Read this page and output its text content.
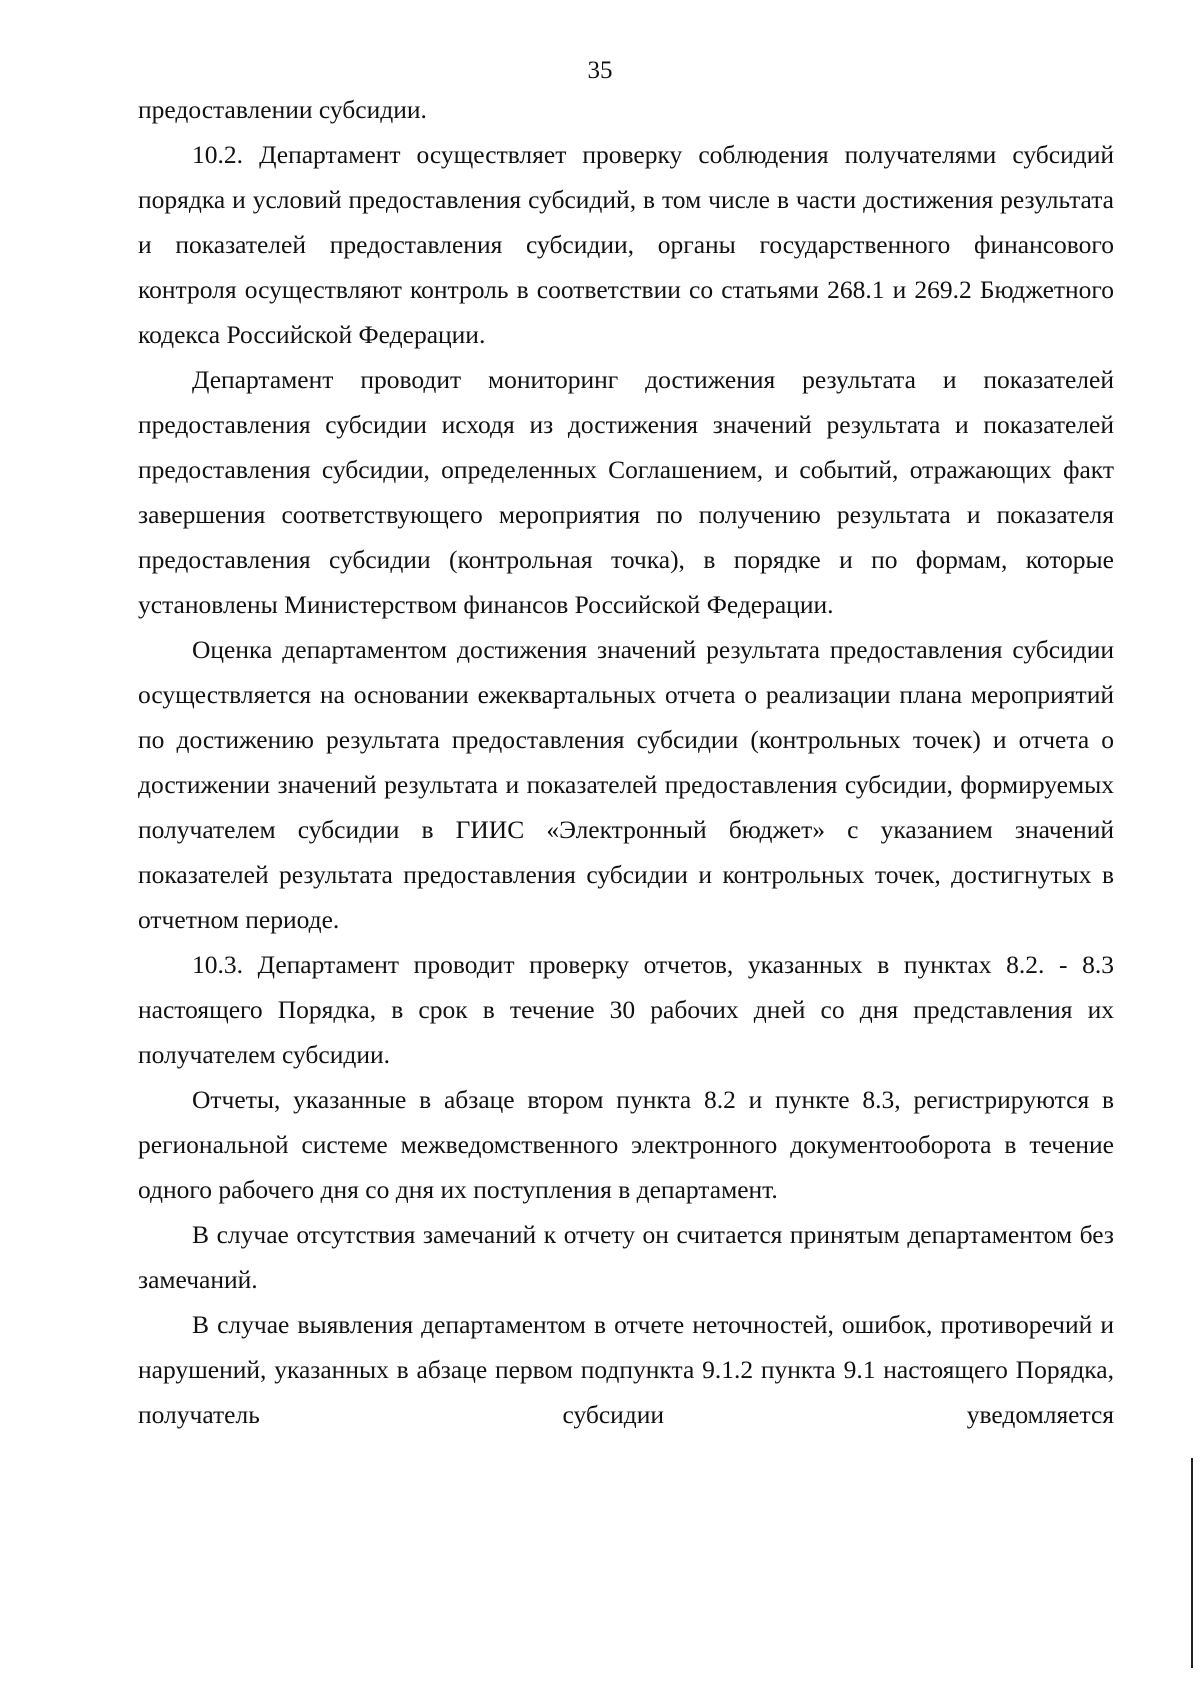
35

предоставлении субсидии.

10.2. Департамент осуществляет проверку соблюдения получателями субсидий порядка и условий предоставления субсидий, в том числе в части достижения результата и показателей предоставления субсидии, органы государственного финансового контроля осуществляют контроль в соответствии со статьями 268.1 и 269.2 Бюджетного кодекса Российской Федерации.

Департамент проводит мониторинг достижения результата и показателей предоставления субсидии исходя из достижения значений результата и показателей предоставления субсидии, определенных Соглашением, и событий, отражающих факт завершения соответствующего мероприятия по получению результата и показателя предоставления субсидии (контрольная точка), в порядке и по формам, которые установлены Министерством финансов Российской Федерации.

Оценка департаментом достижения значений результата предоставления субсидии осуществляется на основании ежеквартальных отчета о реализации плана мероприятий по достижению результата предоставления субсидии (контрольных точек) и отчета о достижении значений результата и показателей предоставления субсидии, формируемых получателем субсидии в ГИИС «Электронный бюджет» с указанием значений показателей результата предоставления субсидии и контрольных точек, достигнутых в отчетном периоде.

10.3. Департамент проводит проверку отчетов, указанных в пунктах 8.2. - 8.3 настоящего Порядка, в срок в течение 30 рабочих дней со дня представления их получателем субсидии.

Отчеты, указанные в абзаце втором пункта 8.2 и пункте 8.3, регистрируются в региональной системе межведомственного электронного документооборота в течение одного рабочего дня со дня их поступления в департамент.

В случае отсутствия замечаний к отчету он считается принятым департаментом без замечаний.

В случае выявления департаментом в отчете неточностей, ошибок, противоречий и нарушений, указанных в абзаце первом подпункта 9.1.2 пункта 9.1 настоящего Порядка, получатель субсидии уведомляется
